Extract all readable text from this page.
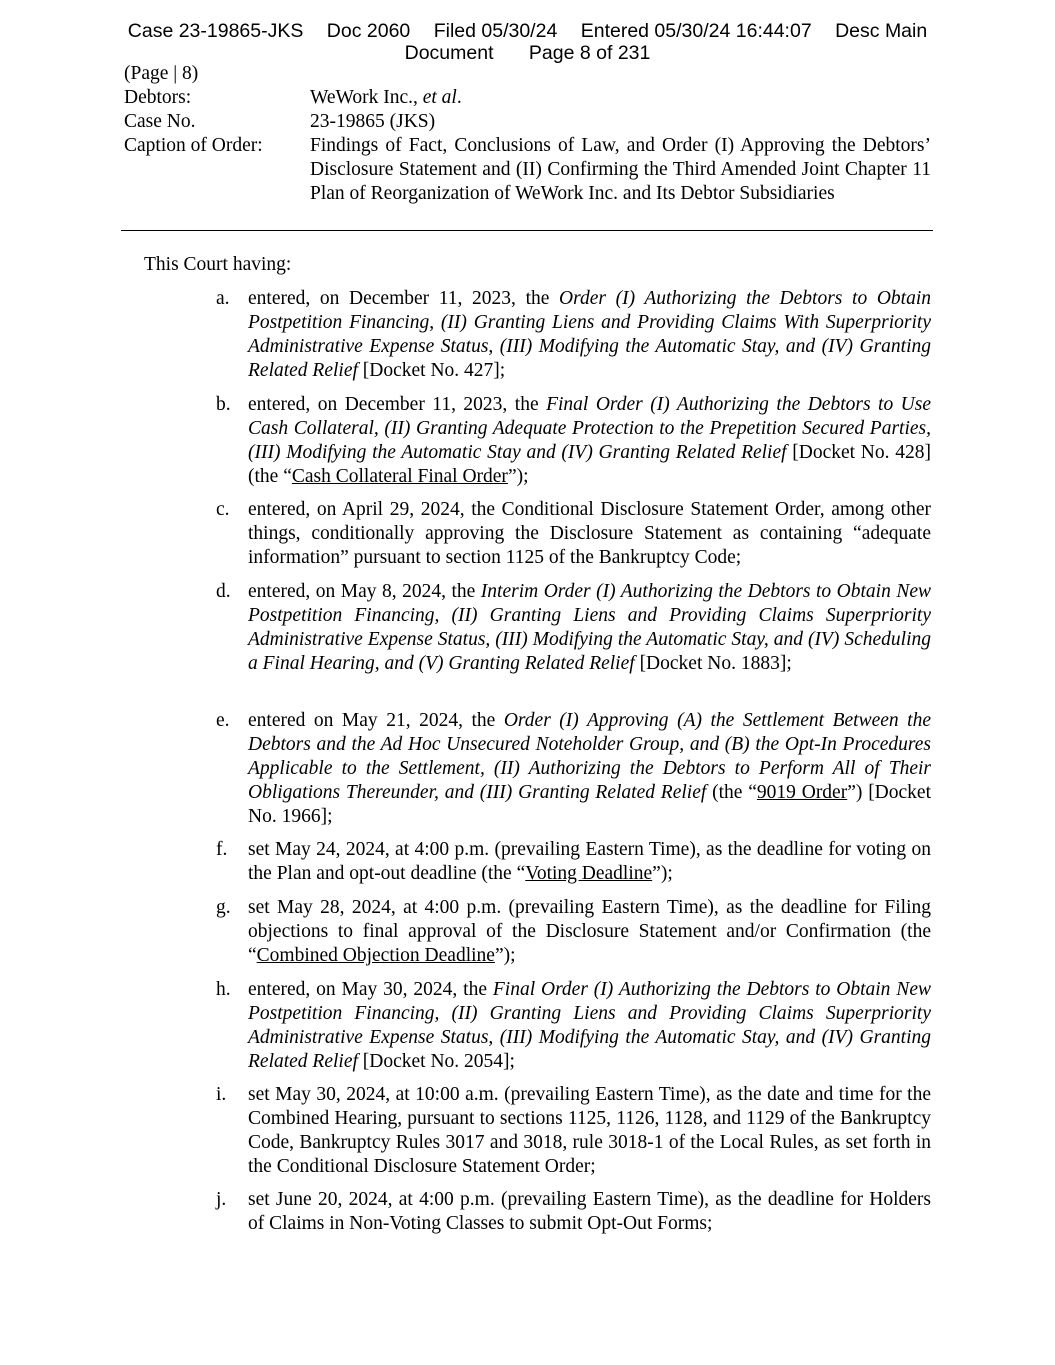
Case 23-19865-JKS Doc 2060 Filed 05/30/24 Entered 05/30/24 16:44:07 Desc Main
Document Page 8 of 231
(Page | 8)
Debtors:	WeWork Inc., et al.
Case No.	23-19865 (JKS)
Caption of Order:	Findings of Fact, Conclusions of Law, and Order (I) Approving the Debtors’ Disclosure Statement and (II) Confirming the Third Amended Joint Chapter 11 Plan of Reorganization of WeWork Inc. and Its Debtor Subsidiaries
This Court having:
a. entered, on December 11, 2023, the Order (I) Authorizing the Debtors to Obtain Postpetition Financing, (II) Granting Liens and Providing Claims With Superpriority Administrative Expense Status, (III) Modifying the Automatic Stay, and (IV) Granting Related Relief [Docket No. 427];
b. entered, on December 11, 2023, the Final Order (I) Authorizing the Debtors to Use Cash Collateral, (II) Granting Adequate Protection to the Prepetition Secured Parties, (III) Modifying the Automatic Stay and (IV) Granting Related Relief [Docket No. 428] (the “Cash Collateral Final Order”);
c. entered, on April 29, 2024, the Conditional Disclosure Statement Order, among other things, conditionally approving the Disclosure Statement as containing “adequate information” pursuant to section 1125 of the Bankruptcy Code;
d. entered, on May 8, 2024, the Interim Order (I) Authorizing the Debtors to Obtain New Postpetition Financing, (II) Granting Liens and Providing Claims Superpriority Administrative Expense Status, (III) Modifying the Automatic Stay, and (IV) Scheduling a Final Hearing, and (V) Granting Related Relief [Docket No. 1883];
e. entered on May 21, 2024, the Order (I) Approving (A) the Settlement Between the Debtors and the Ad Hoc Unsecured Noteholder Group, and (B) the Opt-In Procedures Applicable to the Settlement, (II) Authorizing the Debtors to Perform All of Their Obligations Thereunder, and (III) Granting Related Relief (the “9019 Order”) [Docket No. 1966];
f. set May 24, 2024, at 4:00 p.m. (prevailing Eastern Time), as the deadline for voting on the Plan and opt-out deadline (the “Voting Deadline”);
g. set May 28, 2024, at 4:00 p.m. (prevailing Eastern Time), as the deadline for Filing objections to final approval of the Disclosure Statement and/or Confirmation (the “Combined Objection Deadline”);
h. entered, on May 30, 2024, the Final Order (I) Authorizing the Debtors to Obtain New Postpetition Financing, (II) Granting Liens and Providing Claims Superpriority Administrative Expense Status, (III) Modifying the Automatic Stay, and (IV) Granting Related Relief [Docket No. 2054];
i. set May 30, 2024, at 10:00 a.m. (prevailing Eastern Time), as the date and time for the Combined Hearing, pursuant to sections 1125, 1126, 1128, and 1129 of the Bankruptcy Code, Bankruptcy Rules 3017 and 3018, rule 3018-1 of the Local Rules, as set forth in the Conditional Disclosure Statement Order;
j. set June 20, 2024, at 4:00 p.m. (prevailing Eastern Time), as the deadline for Holders of Claims in Non-Voting Classes to submit Opt-Out Forms;
